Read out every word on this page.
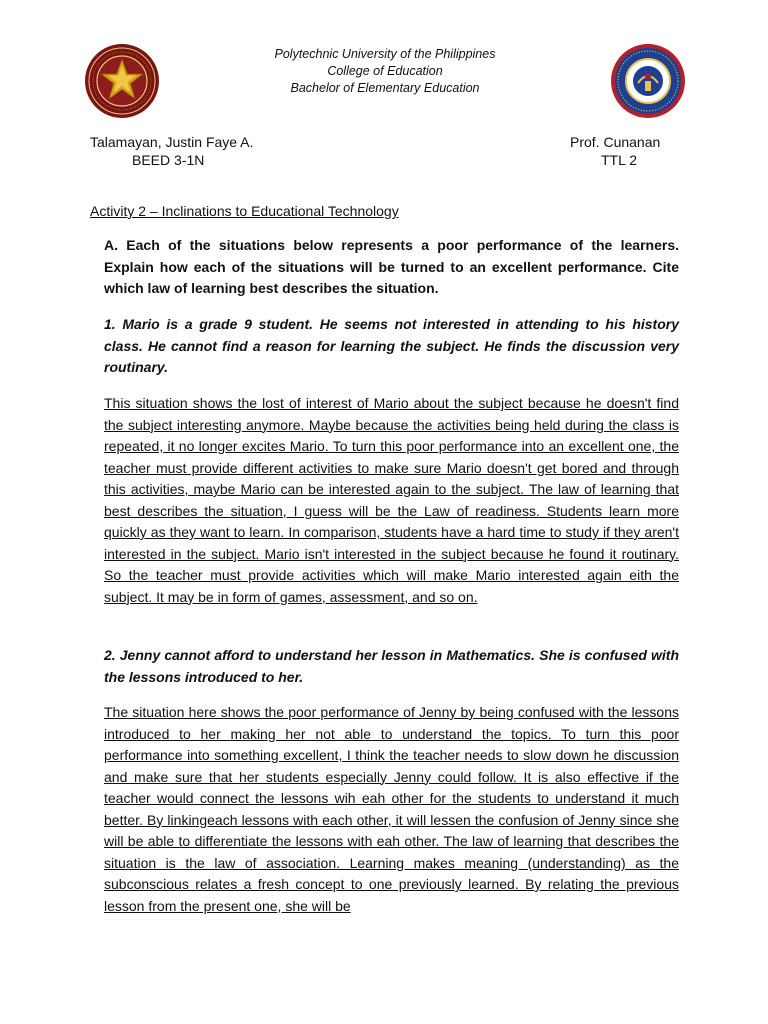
Polytechnic University of the Philippines
College of Education
Bachelor of Elementary Education
Talamayan, Justin Faye A.
BEED 3-1N
Prof. Cunanan
TTL 2
Activity 2 – Inclinations to Educational Technology
A. Each of the situations below represents a poor performance of the learners. Explain how each of the situations will be turned to an excellent performance. Cite which law of learning best describes the situation.
1. Mario is a grade 9 student. He seems not interested in attending to his history class. He cannot find a reason for learning the subject. He finds the discussion very routinary.
This situation shows the lost of interest of Mario about the subject because he doesn't find the subject interesting anymore. Maybe because the activities being held during the class is repeated, it no longer excites Mario. To turn this poor performance into an excellent one, the teacher must provide different activities to make sure Mario doesn't get bored and through this activities, maybe Mario can be interested again to the subject. The law of learning that best describes the situation, I guess will be the Law of readiness. Students learn more quickly as they want to learn. In comparison, students have a hard time to study if they aren't interested in the subject. Mario isn't interested in the subject because he found it routinary. So the teacher must provide activities which will make Mario interested again eith the subject. It may be in form of games, assessment, and so on.
2. Jenny cannot afford to understand her lesson in Mathematics. She is confused with the lessons introduced to her.
The situation here shows the poor performance of Jenny by being confused with the lessons introduced to her making her not able to understand the topics. To turn this poor performance into something excellent, I think the teacher needs to slow down he discussion and make sure that her students especially Jenny could follow. It is also effective if the teacher would connect the lessons wih eah other for the students to understand it much better. By linkingeach lessons with each other, it will lessen the confusion of Jenny since she will be able to differentiate the lessons with eah other. The law of learning that describes the situation is the law of association. Learning makes meaning (understanding) as the subconscious relates a fresh concept to one previously learned. By relating the previous lesson from the present one, she will be
